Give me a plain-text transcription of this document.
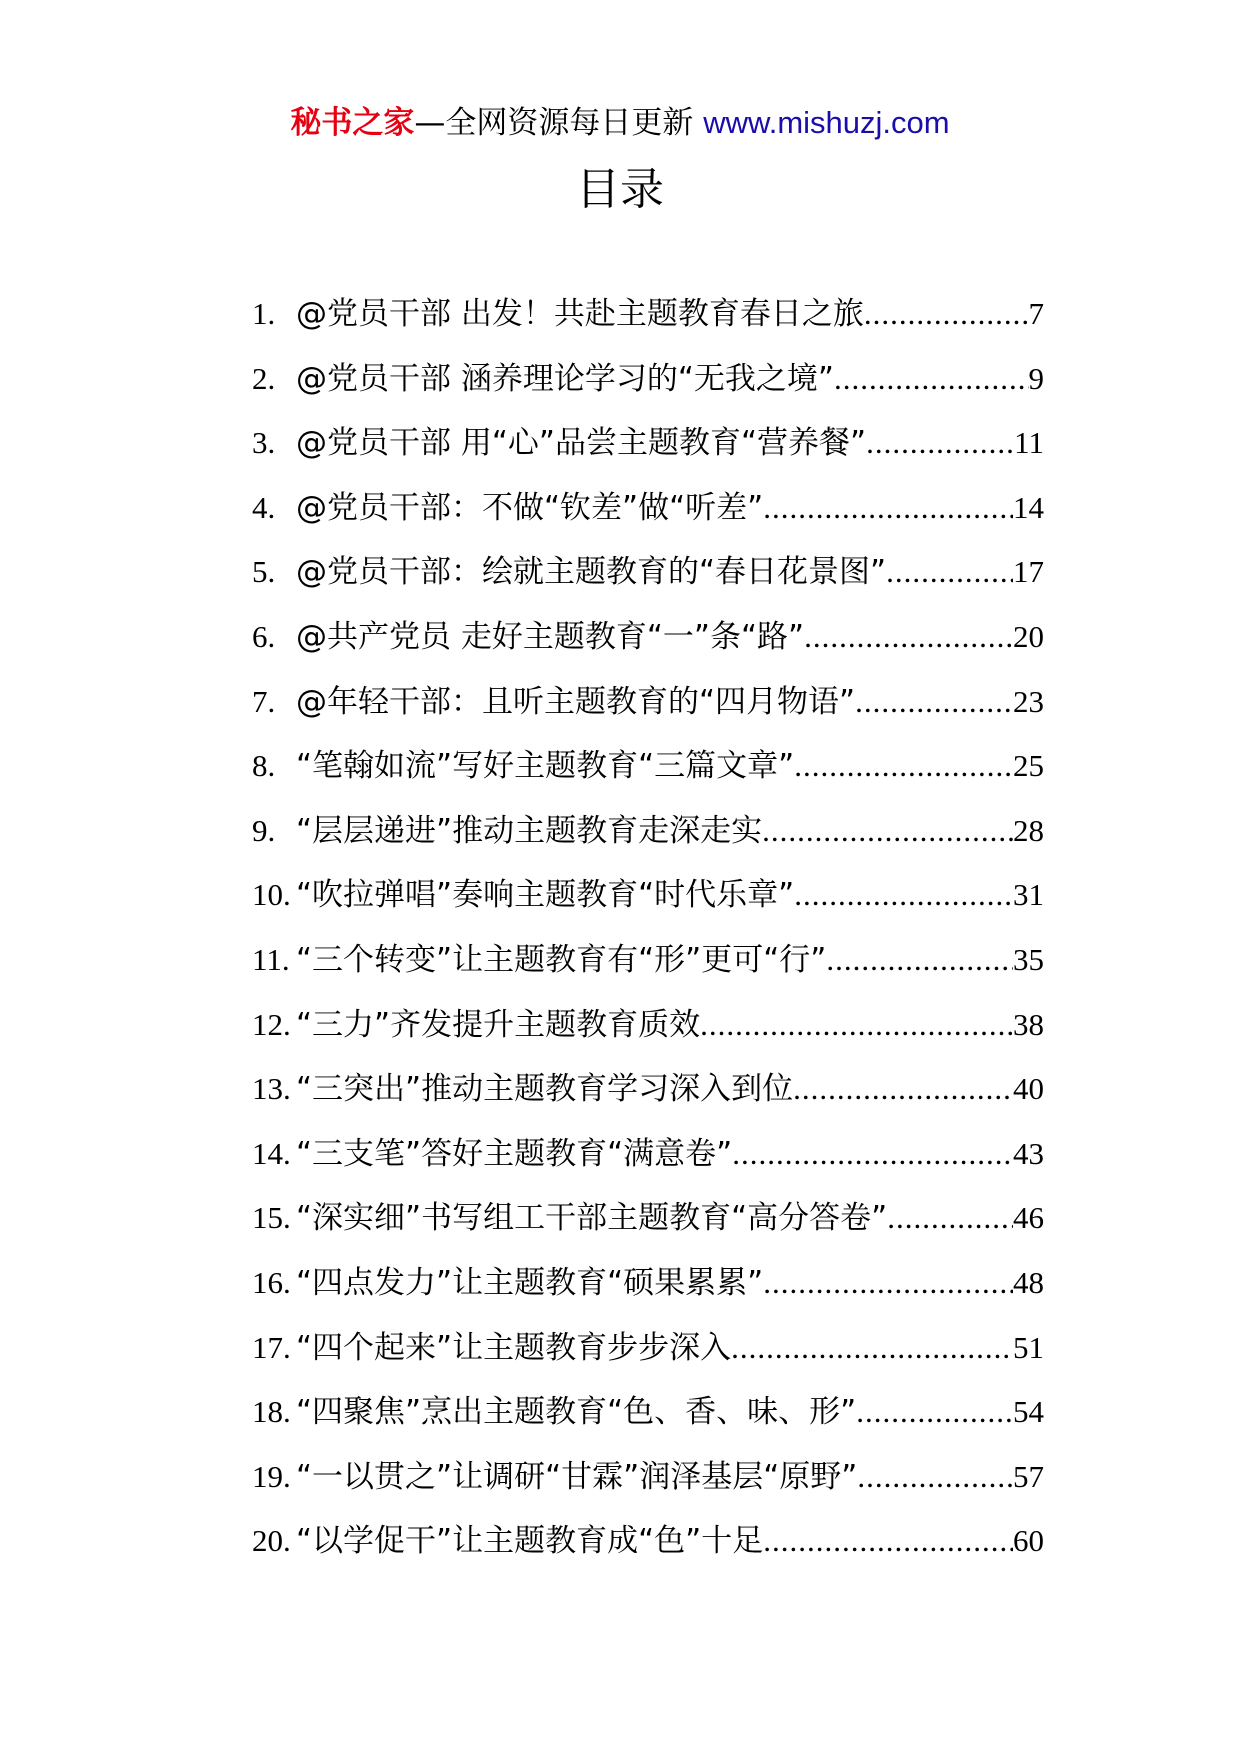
秘书之家—全网资源每日更新 www.mishuzj.com
目录
1. @党员干部 出发！共赴主题教育春日之旅 .....	7
2. @党员干部 涵养理论学习的“无我之境” .....	9
3. @党员干部 用“心”品尝主题教育“营养餐” .....	11
4. @党员干部：不做“钦差”做“听差” .....	14
5. @党员干部：绘就主题教育的“春日花景图” .....	17
6. @共产党员 走好主题教育“一”条“路” .....	20
7. @年轻干部：且听主题教育的“四月物语” .....	23
8. “笔翰如流”写好主题教育“三篇文章” .....	25
9. “层层递进”推动主题教育走深走实 .....	28
10. “吹拉弹唱”奏响主题教育“时代乐章” .....	31
11. “三个转变”让主题教育有“形”更可“行” .....	35
12. “三力”齐发提升主题教育质效 .....	38
13. “三突出”推动主题教育学习深入到位 .....	40
14. “三支笔”答好主题教育“满意卷” .....	43
15. “深实细”书写组工干部主题教育“高分答卷” .....	46
16. “四点发力”让主题教育“硕果累累” .....	48
17. “四个起来”让主题教育步步深入 .....	51
18. “四聚焦”烹出主题教育“色、香、味、形” .....	54
19. “一以贯之”让调研“甘霖”润泽基层“原野” .....	57
20. “以学促干”让主题教育成“色”十足 .....	60
